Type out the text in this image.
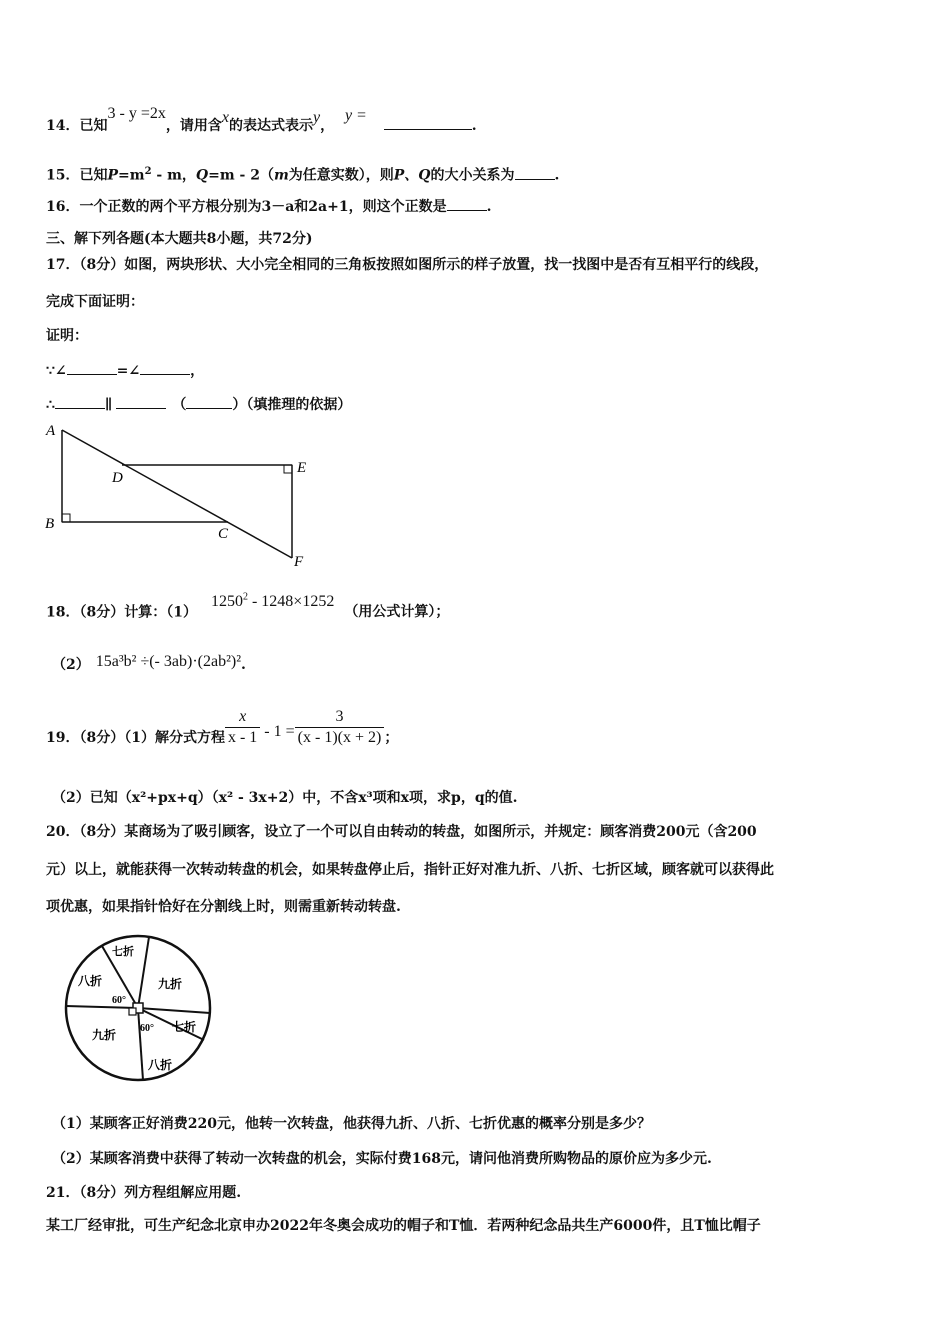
14．已知3 - y =2x，请用含x的表达式表示y， y = .
15．已知$P=m^2 - m$，Q=m - 2（m为任意实数），则P、Q的大小关系为	.
16．一个正数的两个平方根分别为3－a和2a+1，则这个正数是	.
三、解下列各题(本大题共8小题，共72分)
17．（8分）如图，两块形状、大小完全相同的三角板按照如图所示的样子放置，找一找图中是否有互相平行的线段，
完成下面证明：
证明：
∵∠	=∠	，
∴	∥	（	）（填推理的依据）
A
B
C
D
E
F
18．（8分）计算：（1）1250$^2$ - 1248×1252（用公式计算）；
（2） 15a³b² ÷(- 3ab)·(2ab²)².
19．（8分）（1）解分式方程 $\frac{x}{x - 1} - 1 = \frac{3}{(x - 1)(x + 2)}$ ；
（2）已知（x²+px+q）（x² - 3x+2）中，不含x³项和x项，求p，q的值.
20．（8分）某商场为了吸引顾客，设立了一个可以自由转动的转盘，如图所示，并规定：顾客消费200元（含200
元）以上，就能获得一次转动转盘的机会，如果转盘停止后，指针正好对准九折、八折、七折区域，顾客就可以获得此
项优惠，如果指针恰好在分割线上时，则需重新转动转盘.
七折
九折
八折
九折
八折
七折
60°
60°
（1）某顾客正好消费220元，他转一次转盘，他获得九折、八折、七折优惠的概率分别是多少？
（2）某顾客消费中获得了转动一次转盘的机会，实际付费168元，请问他消费所购物品的原价应为多少元.
21．（8分）列方程组解应用题.
某工厂经审批，可生产纪念北京申办2022年冬奥会成功的帽子和T恤．若两种纪念品共生产6000件，且T恤比帽子
